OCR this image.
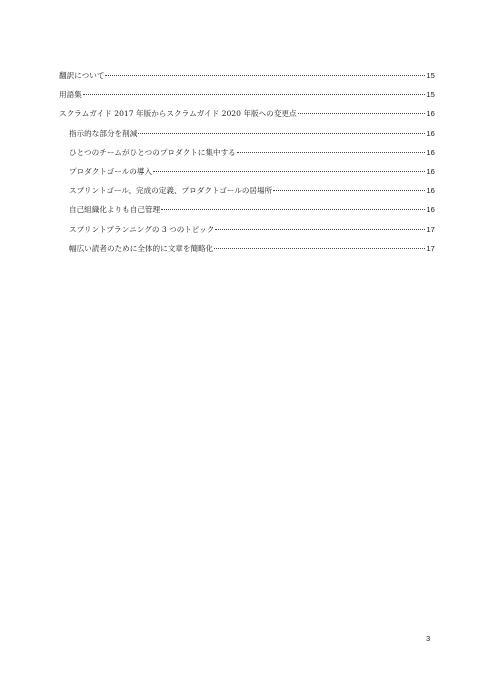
翻訳について	15
用語集	15
スクラムガイド 2017 年版からスクラムガイド 2020 年版への変更点	16
指示的な部分を削減	16
ひとつのチームがひとつのプロダクトに集中する	16
プロダクトゴールの導入	16
スプリントゴール、完成の定義、プロダクトゴールの居場所	16
自己組織化よりも自己管理	16
スプリントプランニングの 3 つのトピック	17
幅広い読者のために全体的に文章を簡略化	17
3
